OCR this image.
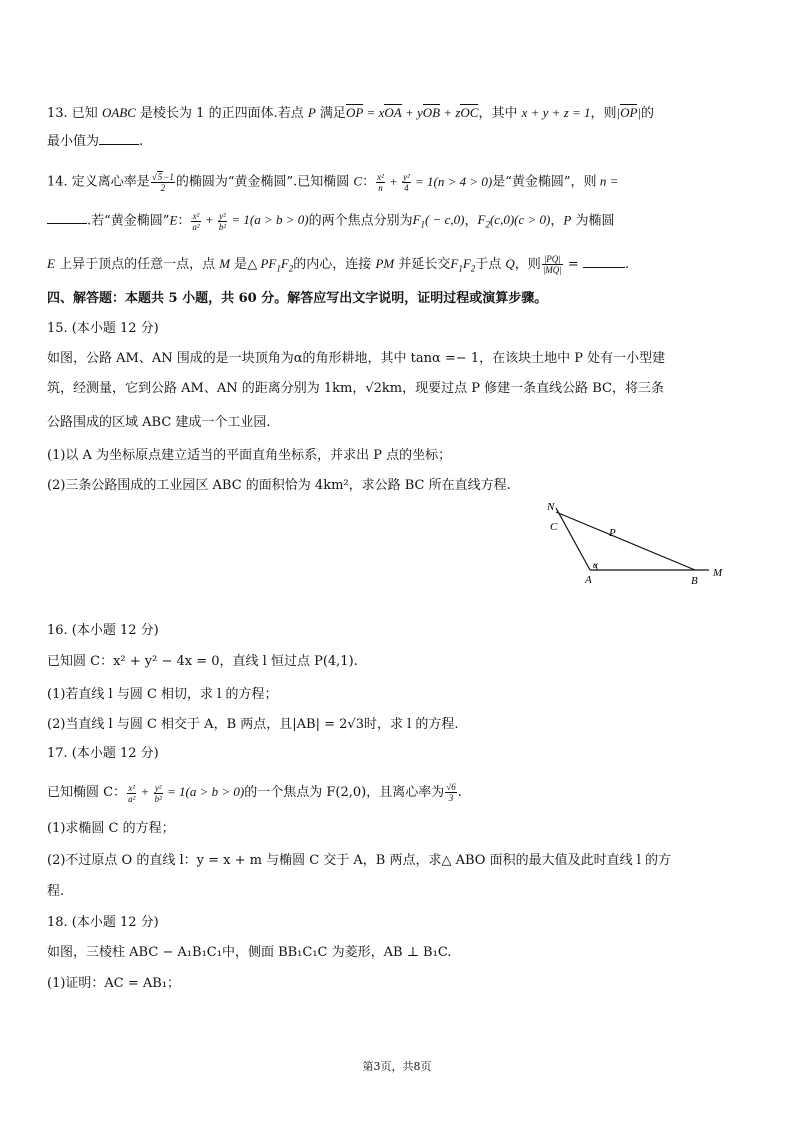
13. 已知 OABC 是棱长为 1 的正四面体.若点 P 满足OP = xOA + yOB + zOC，其中 x + y + z = 1，则|OP|的
最小值为	.
14. 定义离心率是 $\frac{√5-1}{2}$ 的椭圆为“黄金椭圆”.已知椭圆 C： $\frac{\text{x²}}{n} + \frac{\text{y²}}{4} = 1(n > 4 > 0)$是“黄金椭圆”，则 n =
.若“黄金椭圆”E： $\frac{\text{x²}}{\text{a²}} + \frac{\text{y²}}{\text{b²}} = 1(a > b > 0)$的两个焦点分别为$F_1( - c,0)$，$F_2(c,0)(c > 0)$，P 为椭圆
E 上异于顶点的任意一点，点 M 是△ $PF_1F_2$的内心，连接 PM 并延长交$F_1F_2$于点 Q，则 $\frac{|PQ|}{|MQ|}$ =	.
四、解答题：本题共 5 小题，共 60 分。解答应写出文字说明，证明过程或演算步骤。
15. (本小题 12 分)
如图，公路 AM、AN 围成的是一块顶角为α的角形耕地，其中 tanα =− 1，在该块土地中 P 处有一小型建
筑，经测量，它到公路 AM、AN 的距离分别为 1km，√2km，现要过点 P 修建一条直线公路 BC，将三条
公路围成的区域 ABC 建成一个工业园.
(1)以 A 为坐标原点建立适当的平面直角坐标系，并求出 P 点的坐标；
(2)三条公路围成的工业园区 ABC 的面积恰为 4km²，求公路 BC 所在直线方程.
N
C	P
A
α
B
M
16. (本小题 12 分)
已知圆 C：x² + y² − 4x = 0，直线 l 恒过点 P(4,1).
(1)若直线 l 与圆 C 相切，求 l 的方程；
(2)当直线 l 与圆 C 相交于 A，B 两点，且|AB| = 2√3时，求 l 的方程.
17. (本小题 12 分)
已知椭圆 C： $\frac{\text{x²}}{\text{a²}} + \frac{\text{y²}}{\text{b²}} = 1(a > b > 0)$的一个焦点为 F(2,0)，且离心率为 $\frac{√6}{3}$ .
(1)求椭圆 C 的方程；
(2)不过原点 O 的直线 l：y = x + m 与椭圆 C 交于 A，B 两点，求△ ABO 面积的最大值及此时直线 l 的方
程.
18. (本小题 12 分)
如图，三棱柱 ABC − A₁B₁C₁中，侧面 BB₁C₁C 为菱形，AB ⊥ B₁C.
(1)证明：AC = AB₁；
第3页，共8页
